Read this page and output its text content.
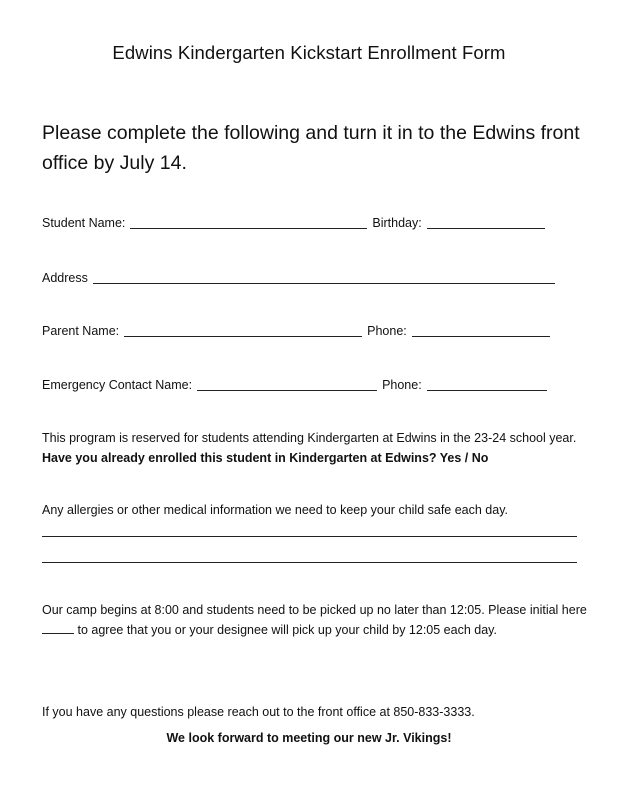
Edwins Kindergarten Kickstart Enrollment Form
Please complete the following and turn it in to the Edwins front office by July 14.
Student Name:	Birthday:
Address
Parent Name:	Phone:
Emergency Contact Name:	Phone:
This program is reserved for students attending Kindergarten at Edwins in the 23-24 school year. Have you already enrolled this student in Kindergarten at Edwins? Yes / No
Any allergies or other medical information we need to keep your child safe each day.
Our camp begins at 8:00 and students need to be picked up no later than 12:05. Please initial here  to agree that you or your designee will pick up your child by 12:05 each day.
If you have any questions please reach out to the front office at 850-833-3333.
We look forward to meeting our new Jr. Vikings!
